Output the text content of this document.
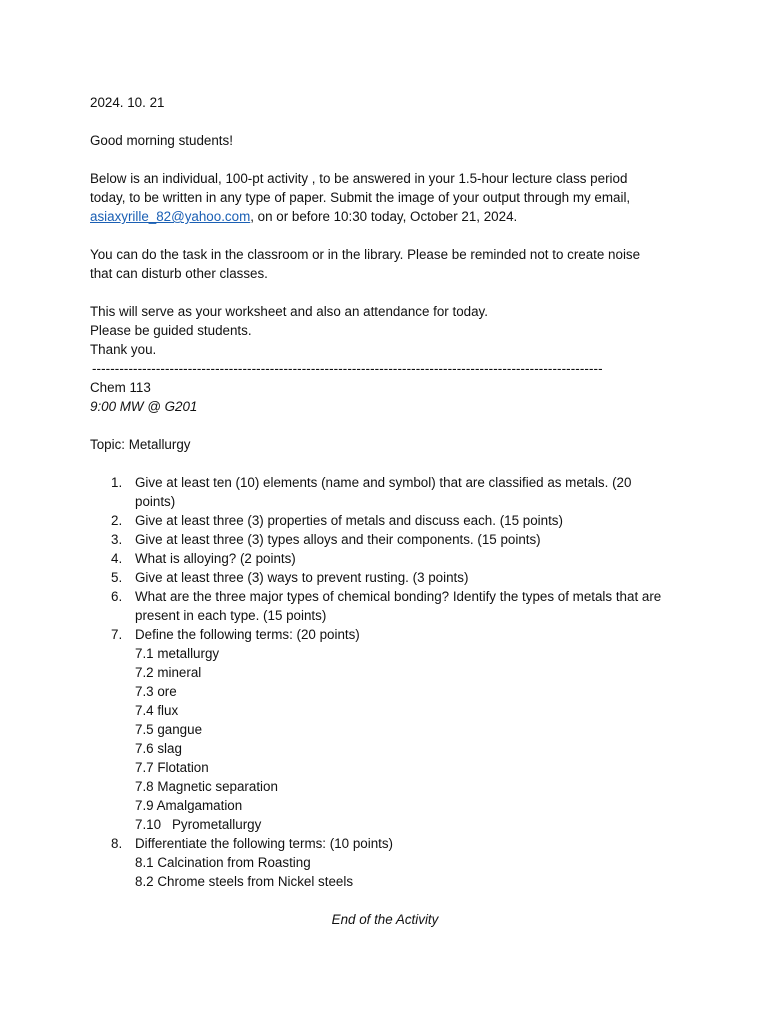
2024. 10. 21

Good morning students!

Below is an individual, 100-pt activity , to be answered in your 1.5-hour lecture class period

today, to be written in any type of paper. Submit the image of your output through my email,

asiaxyrille_82@yahoo.com, on or before 10:30 today, October 21, 2024.

You can do the task in the classroom or in the library. Please be reminded not to create noise

that can disturb other classes.

This will serve as your worksheet and also an attendance for today.

Please be guided students.

Thank you.

----------------------------------------------------------------------------------------------------------------

Chem 113

9:00 MW @ G201

Topic: Metallurgy

1. Give at least ten (10) elements (name and symbol) that are classified as metals. (20 points)
2. Give at least three (3) properties of metals and discuss each. (15 points)
3. Give at least three (3) types alloys and their components. (15 points)
4. What is alloying? (2 points)
5. Give at least three (3) ways to prevent rusting. (3 points)
6. What are the three major types of chemical bonding? Identify the types of metals that are present in each type. (15 points)
7. Define the following terms: (20 points)
7.1 metallurgy
7.2 mineral
7.3 ore
7.4 flux
7.5 gangue
7.6 slag
7.7 Flotation
7.8 Magnetic separation
7.9 Amalgamation
7.10 Pyrometallurgy
8. Differentiate the following terms: (10 points)
8.1 Calcination from Roasting
8.2 Chrome steels from Nickel steels

End of the Activity
